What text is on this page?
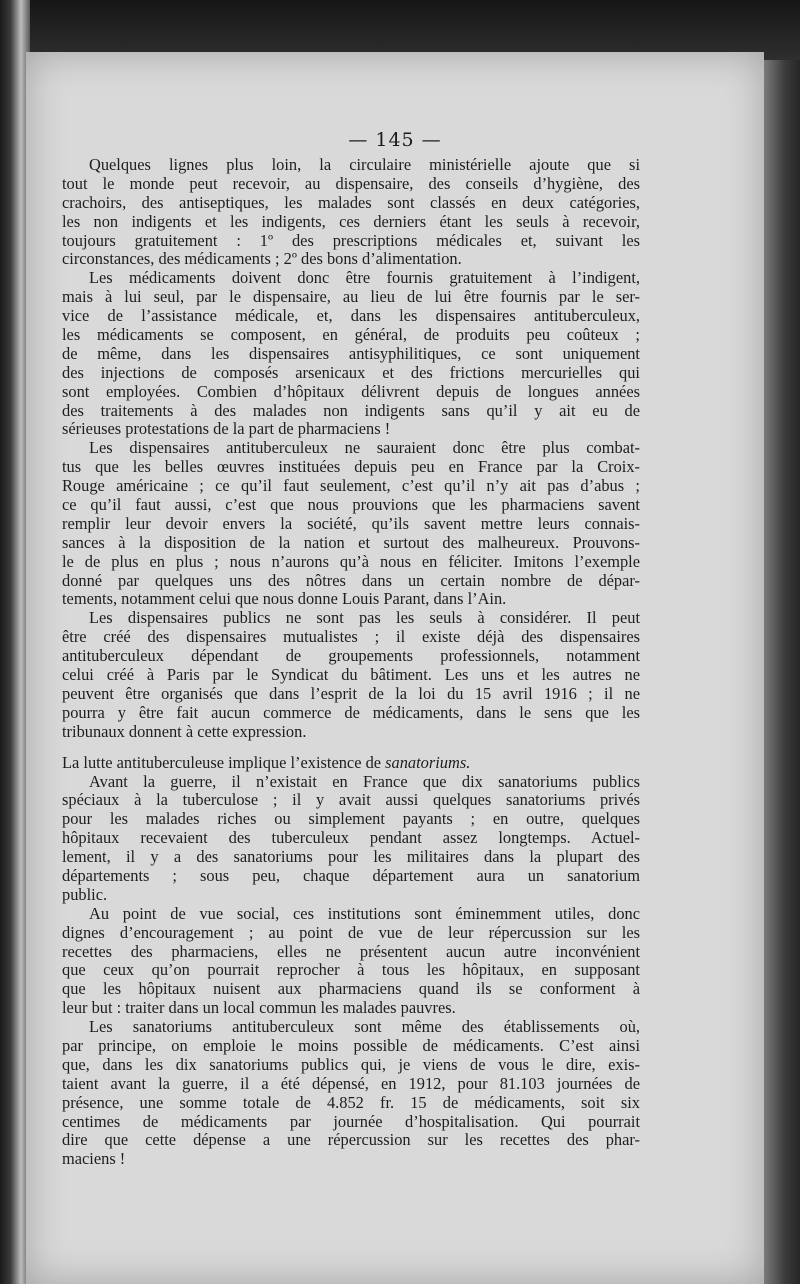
— 145 —
Quelques lignes plus loin, la circulaire ministérielle ajoute que si
tout le monde peut recevoir, au dispensaire, des conseils d’hygiène, des
crachoirs, des antiseptiques, les malades sont classés en deux catégories,
les non indigents et les indigents, ces derniers étant les seuls à recevoir,
toujours gratuitement : 1º des prescriptions médicales et, suivant les
circonstances, des médicaments ; 2º des bons d’alimentation.
Les médicaments doivent donc être fournis gratuitement à l’indigent,
mais à lui seul, par le dispensaire, au lieu de lui être fournis par le ser-
vice de l’assistance médicale, et, dans les dispensaires antituberculeux,
les médicaments se composent, en général, de produits peu coûteux ;
de même, dans les dispensaires antisyphilitiques, ce sont uniquement
des injections de composés arsenicaux et des frictions mercurielles qui
sont employées. Combien d’hôpitaux délivrent depuis de longues années
des traitements à des malades non indigents sans qu’il y ait eu de
sérieuses protestations de la part de pharmaciens !
Les dispensaires antituberculeux ne sauraient donc être plus combat-
tus que les belles œuvres instituées depuis peu en France par la Croix-
Rouge américaine ; ce qu’il faut seulement, c’est qu’il n’y ait pas d’abus ;
ce qu’il faut aussi, c’est que nous prouvions que les pharmaciens savent
remplir leur devoir envers la société, qu’ils savent mettre leurs connais-
sances à la disposition de la nation et surtout des malheureux. Prouvons-
le de plus en plus ; nous n’aurons qu’à nous en féliciter. Imitons l’exemple
donné par quelques uns des nôtres dans un certain nombre de dépar-
tements, notamment celui que nous donne Louis Parant, dans l’Ain.
Les dispensaires publics ne sont pas les seuls à considérer. Il peut
être créé des dispensaires mutualistes ; il existe déjà des dispensaires
antituberculeux dépendant de groupements professionnels, notamment
celui créé à Paris par le Syndicat du bâtiment. Les uns et les autres ne
peuvent être organisés que dans l’esprit de la loi du 15 avril 1916 ; il ne
pourra y être fait aucun commerce de médicaments, dans le sens que les
tribunaux donnent à cette expression.
La lutte antituberculeuse implique l’existence de sanatoriums.
Avant la guerre, il n’existait en France que dix sanatoriums publics
spéciaux à la tuberculose ; il y avait aussi quelques sanatoriums privés
pour les malades riches ou simplement payants ; en outre, quelques
hôpitaux recevaient des tuberculeux pendant assez longtemps. Actuel-
lement, il y a des sanatoriums pour les militaires dans la plupart des
départements ; sous peu, chaque département aura un sanatorium
public.
Au point de vue social, ces institutions sont éminemment utiles, donc
dignes d’encouragement ; au point de vue de leur répercussion sur les
recettes des pharmaciens, elles ne présentent aucun autre inconvénient
que ceux qu’on pourrait reprocher à tous les hôpitaux, en supposant
que les hôpitaux nuisent aux pharmaciens quand ils se conforment à
leur but : traiter dans un local commun les malades pauvres.
Les sanatoriums antituberculeux sont même des établissements où,
par principe, on emploie le moins possible de médicaments. C’est ainsi
que, dans les dix sanatoriums publics qui, je viens de vous le dire, exis-
taient avant la guerre, il a été dépensé, en 1912, pour 81.103 journées de
présence, une somme totale de 4.852 fr. 15 de médicaments, soit six
centimes de médicaments par journée d’hospitalisation. Qui pourrait
dire que cette dépense a une répercussion sur les recettes des phar-
maciens !
